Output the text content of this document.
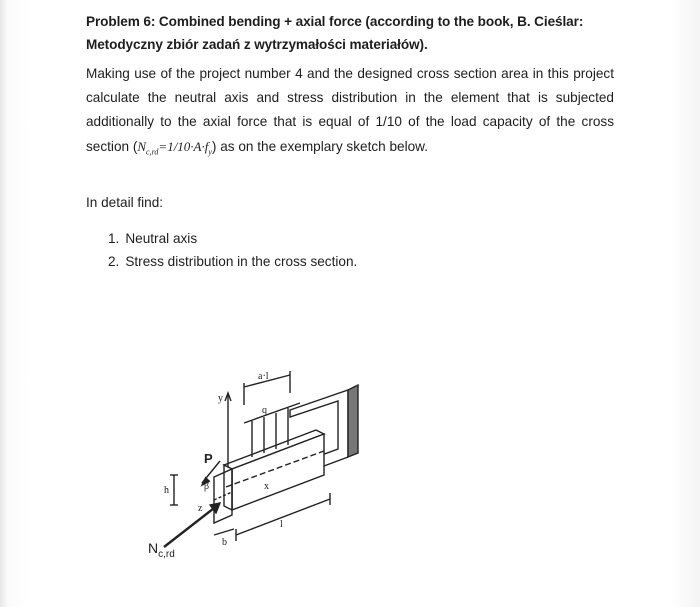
Problem 6: Combined bending + axial force (according to the book, B. Cieślar:
Metodyczny zbiór zadań z wytrzymałości materiałów).
Making use of the project number 4 and the designed cross section area in this project calculate the neutral axis and stress distribution in the element that is subjected additionally to the axial force that is equal of 1/10 of the load capacity of the cross section $(N_{c,rd}=1/10\cdot A\cdot f_y)$ as on the exemplary sketch below.
In detail find:
1. Neutral axis
2. Stress distribution in the cross section.
y
a·l
q
x
z
l
b
h	β
P
$N_{c,rd}$
